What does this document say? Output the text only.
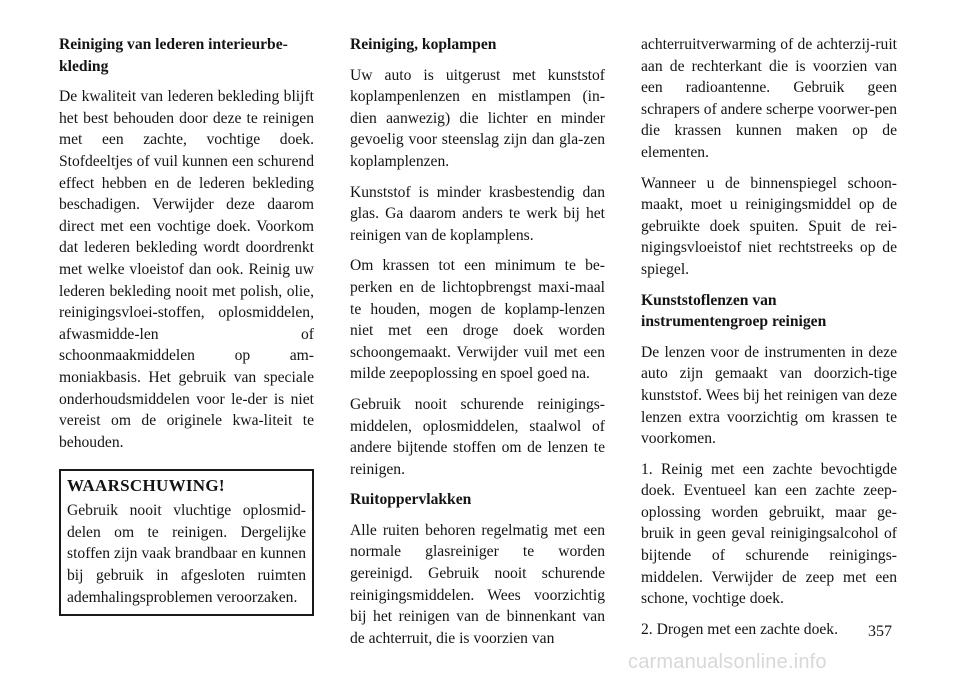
Reiniging van lederen interieurbe-
kleding

De kwaliteit van lederen bekleding blijft het best behouden door deze te reinigen met een zachte, vochtige doek. Stofdeeltjes of vuil kunnen een schurend effect hebben en de lederen bekleding beschadigen. Verwijder deze daarom direct met een vochtige doek. Voorkom dat lederen bekleding wordt doordrenkt met welke vloeistof dan ook. Reinig uw lederen bekleding nooit met polish, olie, reinigingsvloei-stoffen, oplosmiddelen, afwasmidde-len of schoonmaakmiddelen op am-moniakbasis. Het gebruik van speciale onderhoudsmiddelen voor le-der is niet vereist om de originele kwa-liteit te behouden.

WAARSCHUWING!

Gebruik nooit vluchtige oplosmid-delen om te reinigen. Dergelijke stoffen zijn vaak brandbaar en kunnen bij gebruik in afgesloten ruimten ademhalingsproblemen veroorzaken.

Reiniging, koplampen

Uw auto is uitgerust met kunststof koplampenlenzen en mistlampen (in-dien aanwezig) die lichter en minder gevoelig voor steenslag zijn dan gla-zen koplamplenzen.

Kunststof is minder krasbestendig dan glas. Ga daarom anders te werk bij het reinigen van de koplamplens.

Om krassen tot een minimum te be-perken en de lichtopbrengst maxi-maal te houden, mogen de koplamp-lenzen niet met een droge doek worden schoongemaakt. Verwijder vuil met een milde zeepoplossing en spoel goed na.

Gebruik nooit schurende reinigings-middelen, oplosmiddelen, staalwol of andere bijtende stoffen om de lenzen te reinigen.

Ruitoppervlakken

Alle ruiten behoren regelmatig met een normale glasreiniger te worden gereinigd. Gebruik nooit schurende reinigingsmiddelen. Wees voorzichtig bij het reinigen van de binnenkant van de achterruit, die is voorzien van

achterruitverwarming of de achterzij-ruit aan de rechterkant die is voorzien van een radioantenne. Gebruik geen schrapers of andere scherpe voorwer-pen die krassen kunnen maken op de elementen.

Wanneer u de binnenspiegel schoon-maakt, moet u reinigingsmiddel op de gebruikte doek spuiten. Spuit de rei-nigingsvloeistof niet rechtstreeks op de spiegel.

Kunststoflenzen van
instrumentengroep reinigen

De lenzen voor de instrumenten in deze auto zijn gemaakt van doorzich-tige kunststof. Wees bij het reinigen van deze lenzen extra voorzichtig om krassen te voorkomen.

1. Reinig met een zachte bevochtigde doek. Eventueel kan een zachte zeep-oplossing worden gebruikt, maar ge-bruik in geen geval reinigingsalcohol of bijtende of schurende reinigings-middelen. Verwijder de zeep met een schone, vochtige doek.
2. Drogen met een zachte doek.	357
carmanualsonline.info
